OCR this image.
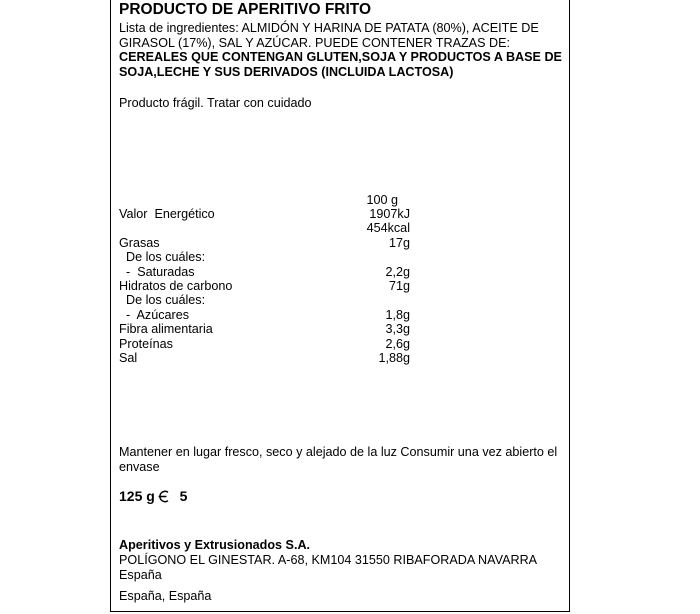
PRODUCTO DE APERITIVO FRITO
Lista de ingredientes: ALMIDÓN Y HARINA DE PATATA (80%), ACEITE DE
GIRASOL (17%), SAL Y AZÚCAR. PUEDE CONTENER TRAZAS DE:
CEREALES QUE CONTENGAN GLUTEN,SOJA Y PRODUCTOS A BASE DE
SOJA,LECHE Y SUS DERIVADOS (INCLUIDA LACTOSA)
Producto frágil. Tratar con cuidado
100 g
Valor  Energético	1907kJ
454kcal
Grasas	17g
De los cuáles:
-  Saturadas	2,2g
Hidratos de carbono	71g
De los cuáles:
-  Azúcares	1,8g
Fibra alimentaria	3,3g
Proteínas	2,6g
Sal	1,88g
125 g 5
Mantener en lugar fresco, seco y alejado de la luz Consumir una vez abierto el
envase
Aperitivos y Extrusionados S.A.
POLÍGONO EL GINESTAR. A-68, KM104 31550 RIBAFORADA NAVARRA
España
España, España
